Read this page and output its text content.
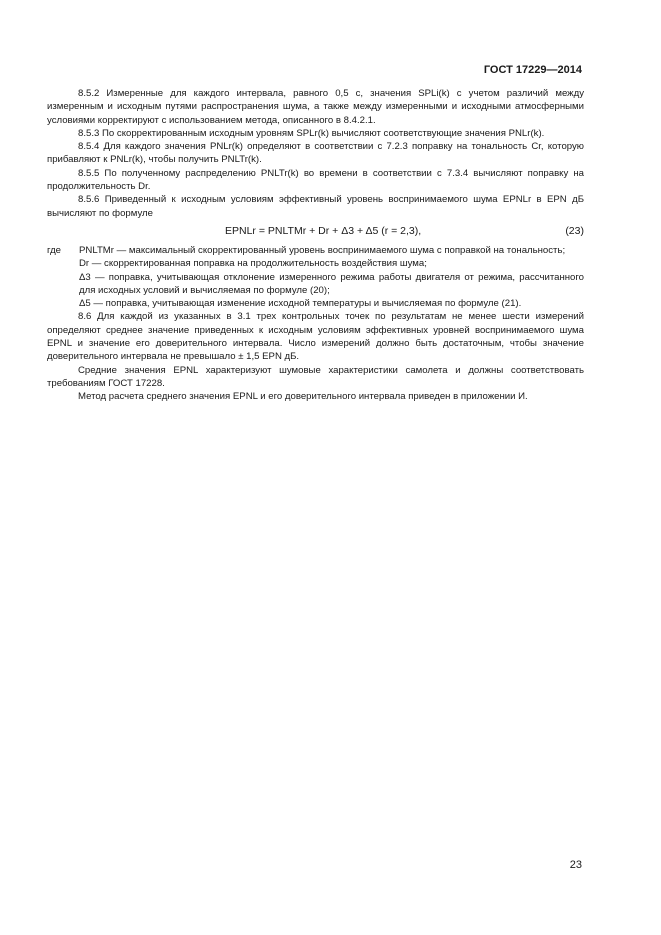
ГОСТ 17229—2014

8.5.2 Измеренные для каждого интервала, равного 0,5 с, значения SPLi(k) с учетом различий между измеренным и исходным путями распространения шума, а также между измеренными и исходными атмосферными условиями корректируют с использованием метода, описанного в 8.4.2.1.

8.5.3 По скорректированным исходным уровням SPLr(k) вычисляют соответствующие значения PNLr(k).

8.5.4 Для каждого значения PNLr(k) определяют в соответствии с 7.2.3 поправку на тональность Cr, которую прибавляют к PNLr(k), чтобы получить PNLTr(k).

8.5.5 По полученному распределению PNLTr(k) во времени в соответствии с 7.3.4 вычисляют поправку на продолжительность Dr.

8.5.6 Приведенный к исходным условиям эффективный уровень воспринимаемого шума EPNLr в EPN дБ вычисляют по формуле

EPNLr = PNLTMr + Dr + Δ3 + Δ5 (r = 2,3),	(23)
где	PNLTMr — максимальный скорректированный уровень воспринимаемого шума с поправкой на тональность;

Dr — скорректированная поправка на продолжительность воздействия шума;

Δ3 — поправка, учитывающая отклонение измеренного режима работы двигателя от режима, рассчитанного для исходных условий и вычисляемая по формуле (20);

Δ5 — поправка, учитывающая изменение исходной температуры и вычисляемая по формуле (21).

8.6 Для каждой из указанных в 3.1 трех контрольных точек по результатам не менее шести измерений определяют среднее значение приведенных к исходным условиям эффективных уровней воспринимаемого шума EPNL и значение его доверительного интервала. Число измерений должно быть достаточным, чтобы значение доверительного интервала не превышало ± 1,5 EPN дБ.

Средние значения EPNL характеризуют шумовые характеристики самолета и должны соответствовать требованиям ГОСТ 17228.

Метод расчета среднего значения EPNL и его доверительного интервала приведен в приложении И.

23
